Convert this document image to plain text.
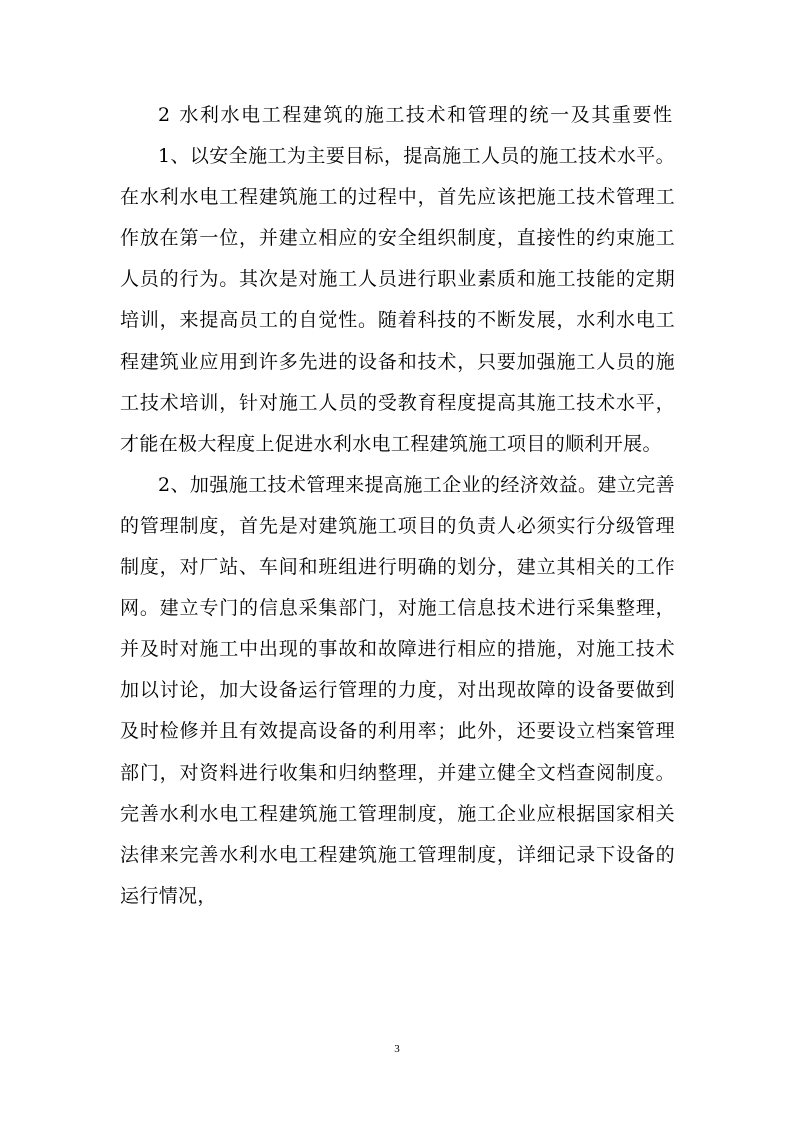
2 水利水电工程建筑的施工技术和管理的统一及其重要性

1、以安全施工为主要目标，提高施工人员的施工技术水平。在水利水电工程建筑施工的过程中，首先应该把施工技术管理工作放在第一位，并建立相应的安全组织制度，直接性的约束施工人员的行为。其次是对施工人员进行职业素质和施工技能的定期培训，来提高员工的自觉性。随着科技的不断发展，水利水电工程建筑业应用到许多先进的设备和技术，只要加强施工人员的施工技术培训，针对施工人员的受教育程度提高其施工技术水平，才能在极大程度上促进水利水电工程建筑施工项目的顺利开展。

2、加强施工技术管理来提高施工企业的经济效益。建立完善的管理制度，首先是对建筑施工项目的负责人必须实行分级管理制度，对厂站、车间和班组进行明确的划分，建立其相关的工作网。建立专门的信息采集部门，对施工信息技术进行采集整理，并及时对施工中出现的事故和故障进行相应的措施，对施工技术加以讨论，加大设备运行管理的力度，对出现故障的设备要做到及时检修并且有效提高设备的利用率；此外，还要设立档案管理部门，对资料进行收集和归纳整理，并建立健全文档查阅制度。完善水利水电工程建筑施工管理制度，施工企业应根据国家相关法律来完善水利水电工程建筑施工管理制度，详细记录下设备的运行情况，

3
